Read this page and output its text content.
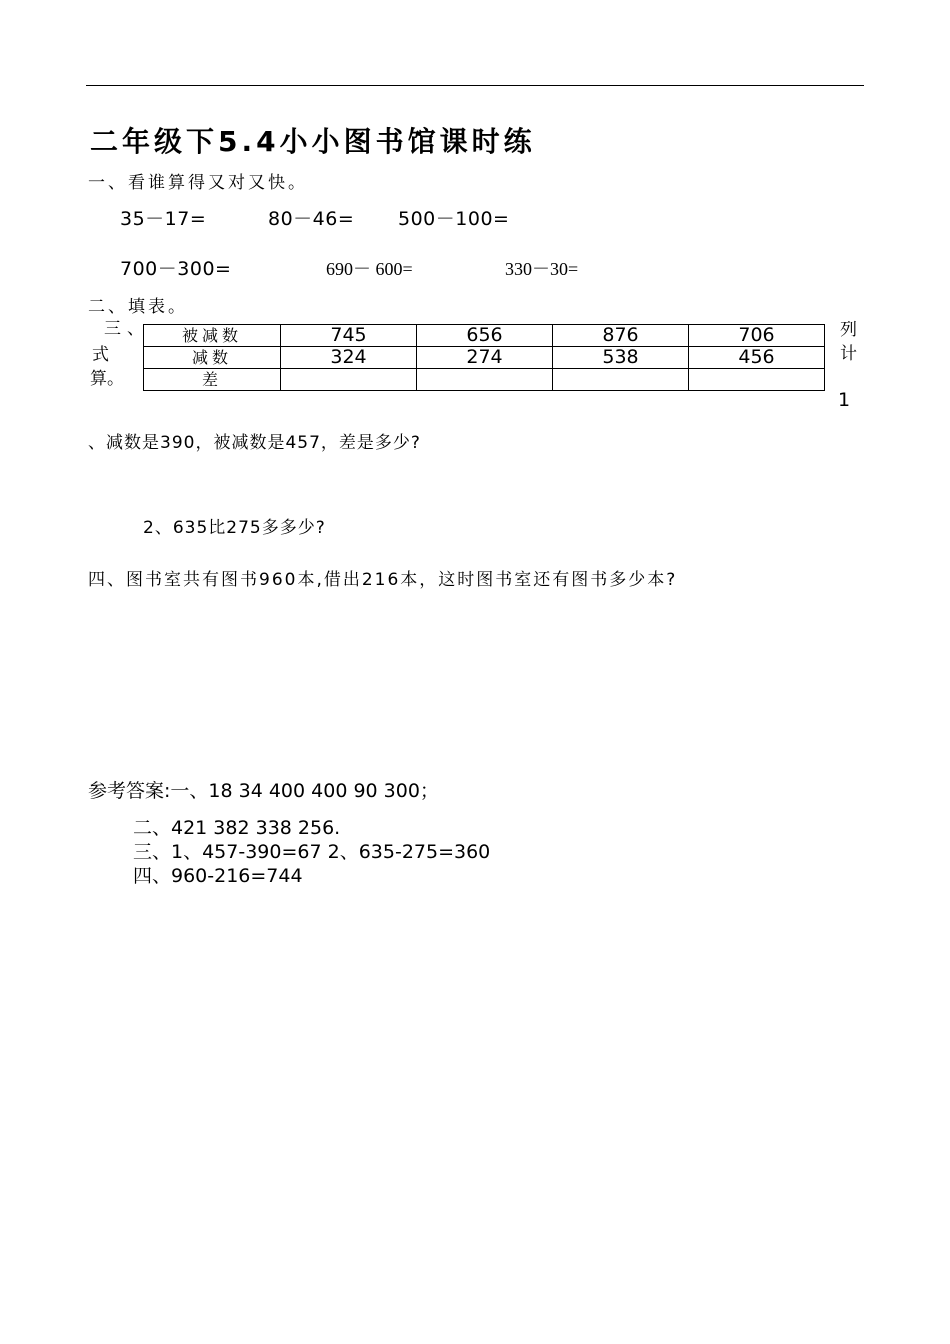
二年级下5.4小小图书馆课时练
一、看谁算得又对又快。
35－17=	80－46= 500－100=
700－300=	690－ 600=	330－30=
二、填表。
三、
式
算。
被减数	745	656	876	706
减数	324	274	538	456
差				
列
计
1
、减数是390，被减数是457，差是多少?
2、635比275多多少?
四、图书室共有图书960本,借出216本，这时图书室还有图书多少本?
参考答案:一、18 34 400 400 90 300；
二、421 382 338 256.
三、1、457-390=67 2、635-275=360
四、960-216=744
